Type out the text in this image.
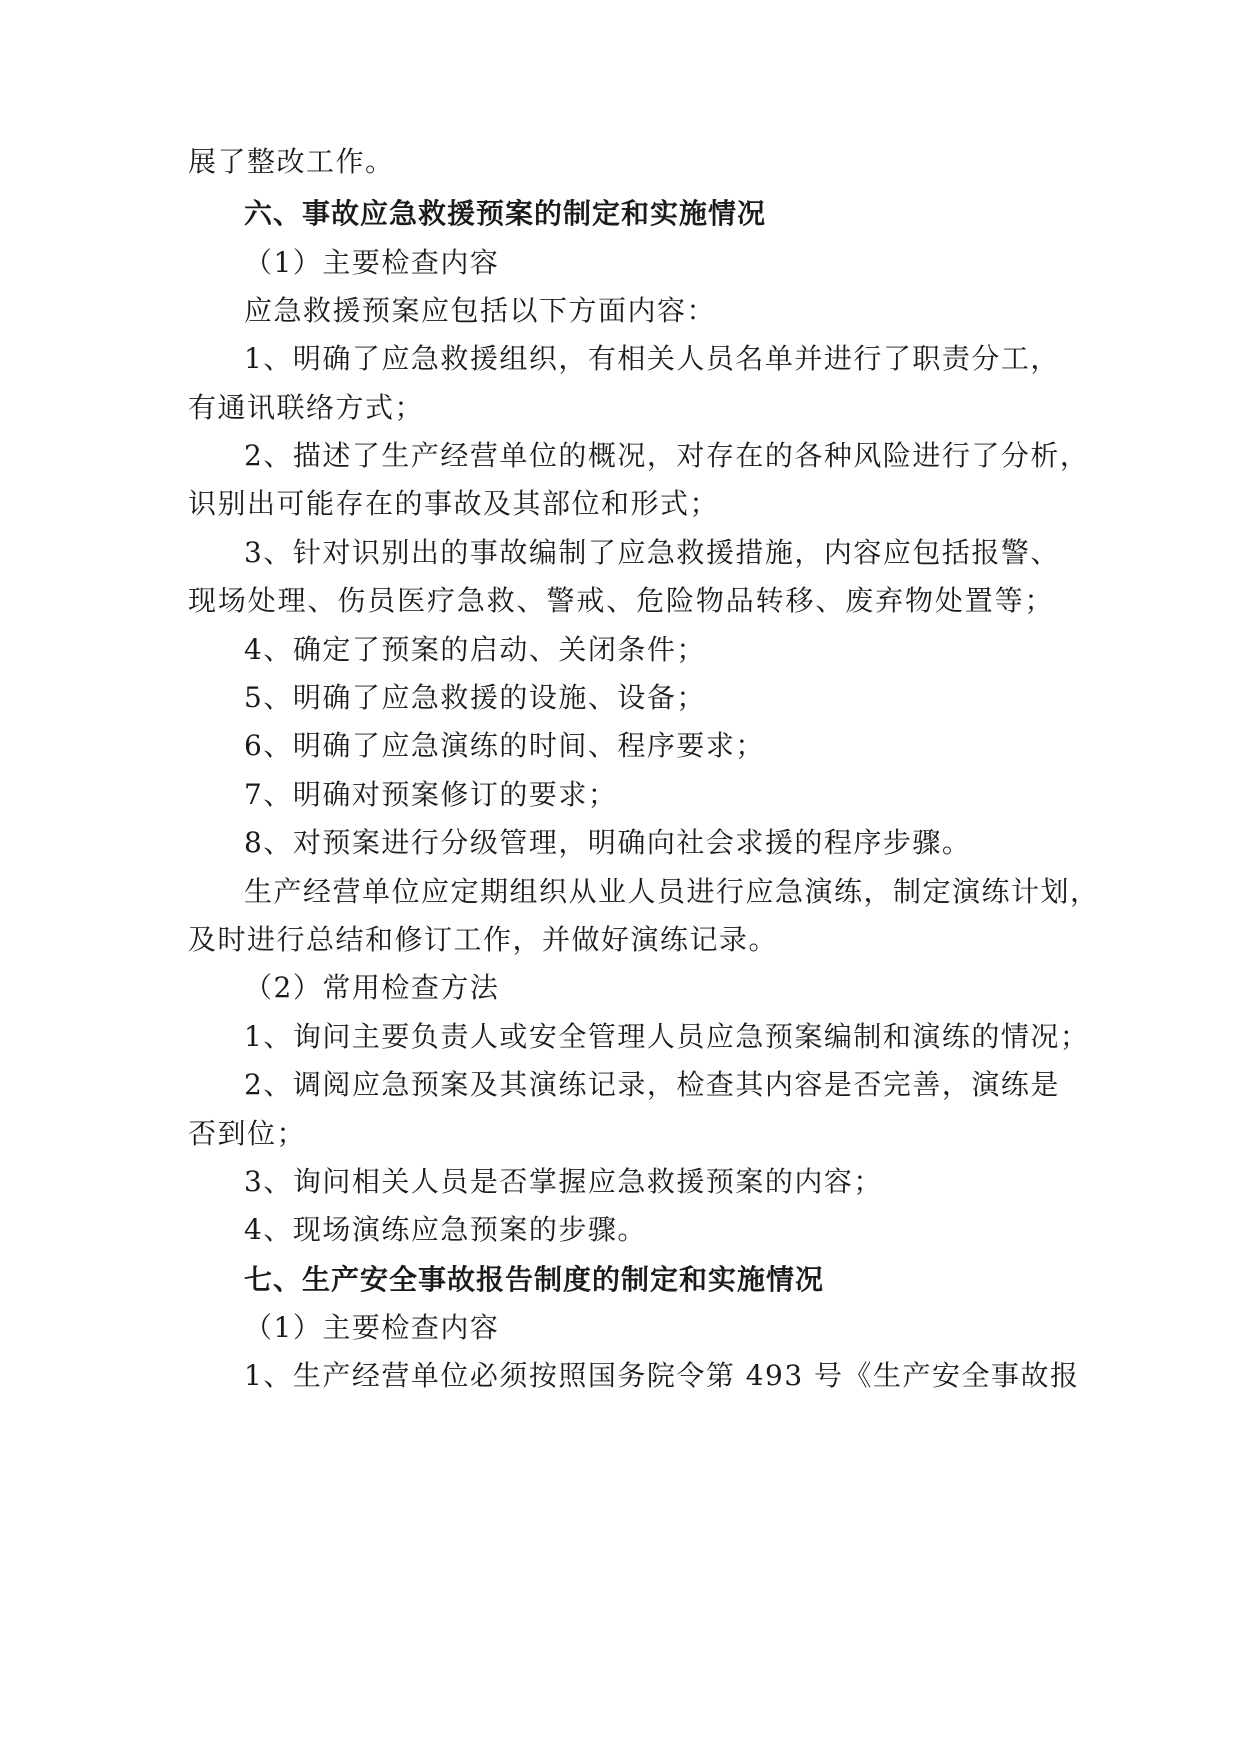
展了整改工作。
六、事故应急救援预案的制定和实施情况
（1）主要检查内容
应急救援预案应包括以下方面内容：
1、明确了应急救援组织，有相关人员名单并进行了职责分工，
有通讯联络方式；
2、描述了生产经营单位的概况，对存在的各种风险进行了分析，
识别出可能存在的事故及其部位和形式；
3、针对识别出的事故编制了应急救援措施，内容应包括报警、
现场处理、伤员医疗急救、警戒、危险物品转移、废弃物处置等；
4、确定了预案的启动、关闭条件；
5、明确了应急救援的设施、设备；
6、明确了应急演练的时间、程序要求；
7、明确对预案修订的要求；
8、对预案进行分级管理，明确向社会求援的程序步骤。
生产经营单位应定期组织从业人员进行应急演练，制定演练计划，
及时进行总结和修订工作，并做好演练记录。
（2）常用检查方法
1、询问主要负责人或安全管理人员应急预案编制和演练的情况；
2、调阅应急预案及其演练记录，检查其内容是否完善，演练是
否到位；
3、询问相关人员是否掌握应急救援预案的内容；
4、现场演练应急预案的步骤。
七、生产安全事故报告制度的制定和实施情况
（1）主要检查内容
1、生产经营单位必须按照国务院令第 493 号《生产安全事故报
